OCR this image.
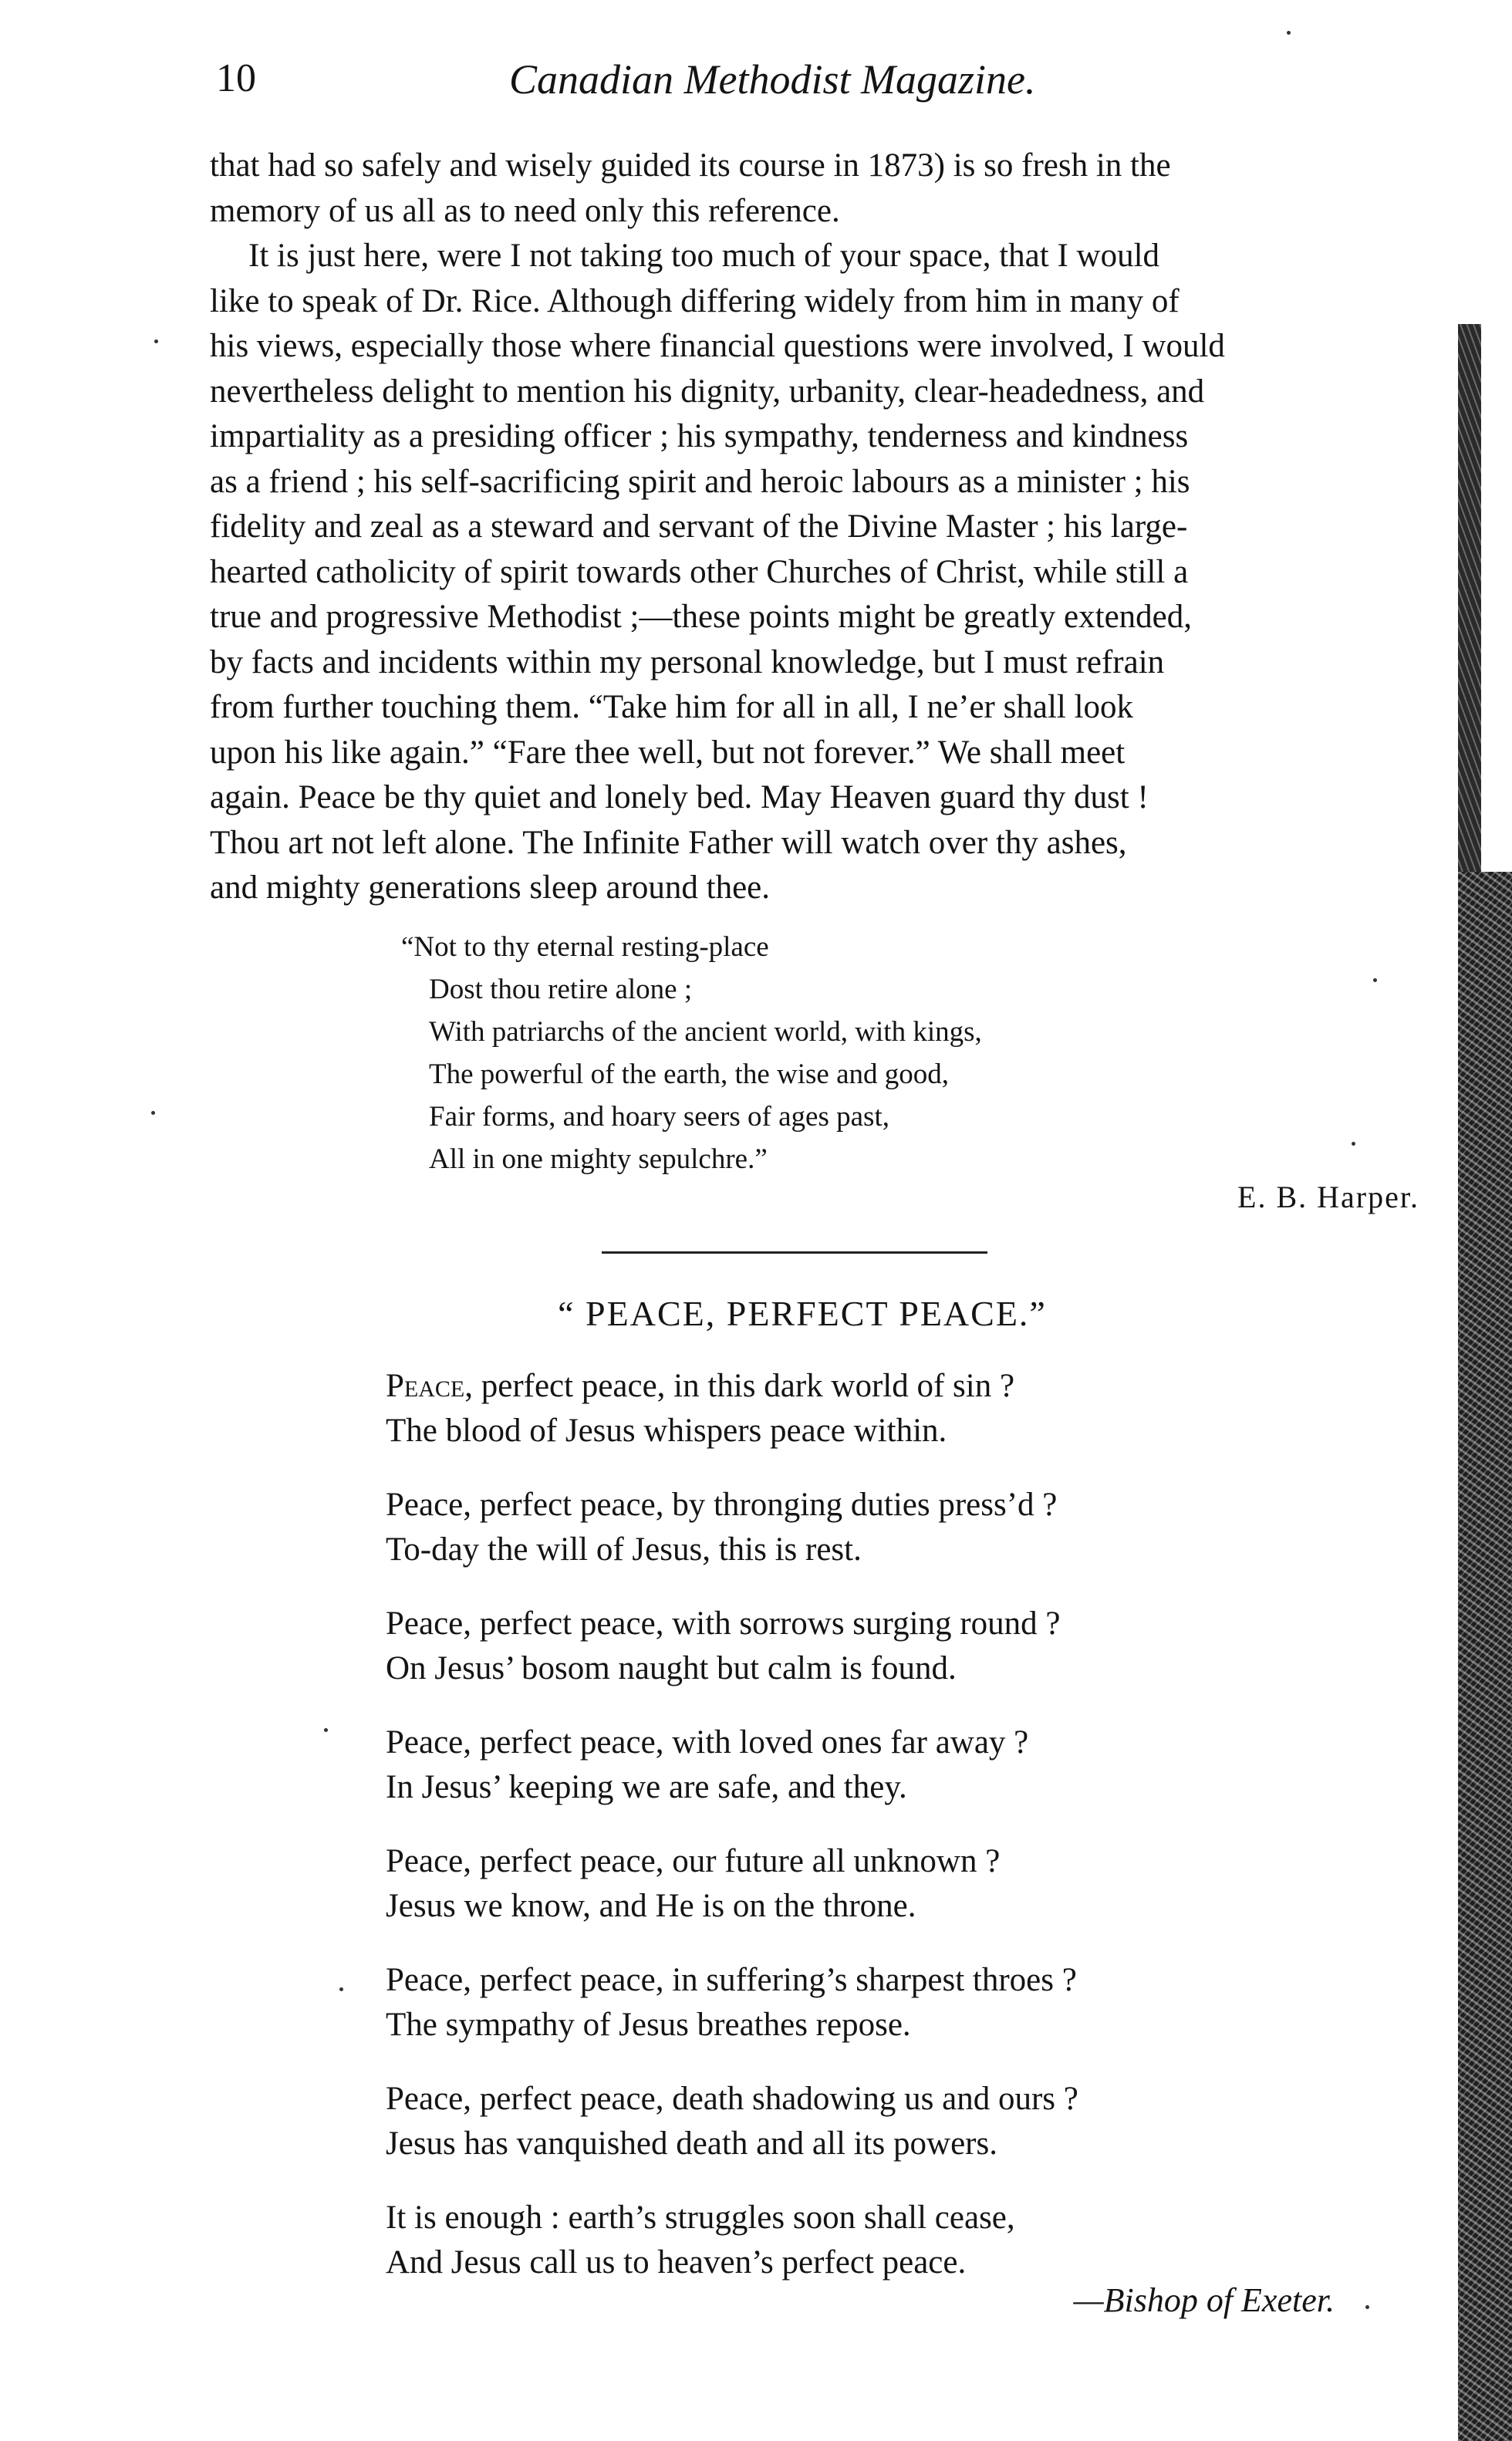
10	Canadian Methodist Magazine.

that had so safely and wisely guided its course in 1873) is so fresh in the
memory of us all as to need only this reference.

It is just here, were I not taking too much of your space, that I would
like to speak of Dr. Rice. Although differing widely from him in many of
his views, especially those where financial questions were involved, I would
nevertheless delight to mention his dignity, urbanity, clear-headedness, and
impartiality as a presiding officer ; his sympathy, tenderness and kindness
as a friend ; his self-sacrificing spirit and heroic labours as a minister ; his
fidelity and zeal as a steward and servant of the Divine Master ; his large-
hearted catholicity of spirit towards other Churches of Christ, while still a
true and progressive Methodist ;—these points might be greatly extended,
by facts and incidents within my personal knowledge, but I must refrain
from further touching them. “Take him for all in all, I ne’er shall look
upon his like again.” “Fare thee well, but not forever.” We shall meet
again. Peace be thy quiet and lonely bed. May Heaven guard thy dust !
Thou art not left alone. The Infinite Father will watch over thy ashes,
and mighty generations sleep around thee.

“Not to thy eternal resting-place
Dost thou retire alone ;
With patriarchs of the ancient world, with kings,
The powerful of the earth, the wise and good,
Fair forms, and hoary seers of ages past,
All in one mighty sepulchre.”
E. B. Harper.
“ PEACE, PERFECT PEACE.”
Peace, perfect peace, in this dark world of sin ?
The blood of Jesus whispers peace within.
Peace, perfect peace, by thronging duties press’d ?
To-day the will of Jesus, this is rest.
Peace, perfect peace, with sorrows surging round ?
On Jesus’ bosom naught but calm is found.
Peace, perfect peace, with loved ones far away ?
In Jesus’ keeping we are safe, and they.
Peace, perfect peace, our future all unknown ?
Jesus we know, and He is on the throne.
Peace, perfect peace, in suffering’s sharpest throes ?
The sympathy of Jesus breathes repose.
Peace, perfect peace, death shadowing us and ours ?
Jesus has vanquished death and all its powers.
It is enough : earth’s struggles soon shall cease,
And Jesus call us to heaven’s perfect peace.
—Bishop of Exeter.
